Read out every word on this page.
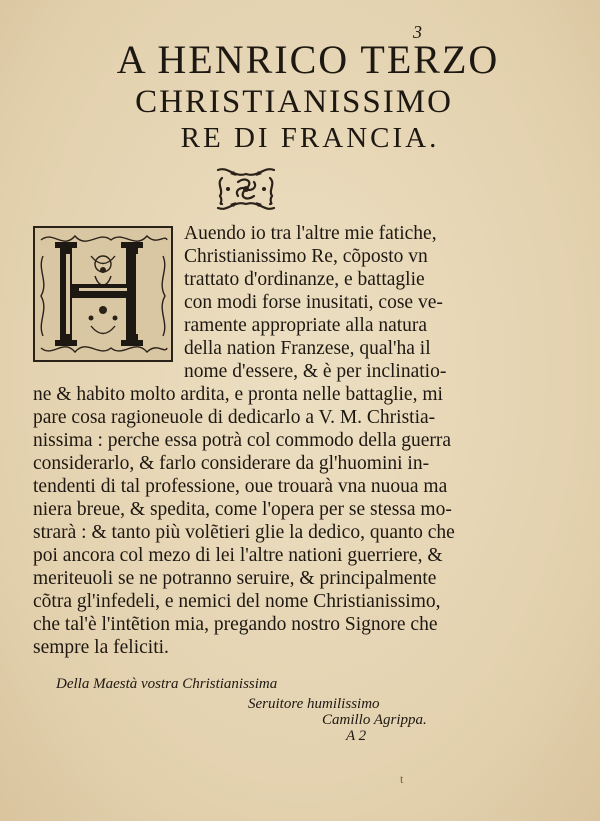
3
A HENRICO TERZO
CHRISTIANISSIMO
RE DI FRANCIA.
Auendo io tra l'altre mie fatiche,
Christianissimo Re, cõposto vn
trattato d'ordinanze, e battaglie
con modi forse inusitati, cose ve-
ramente appropriate alla natura
della nation Franzese, qual'ha il
nome d'essere, & è per inclinatio-
ne & habito molto ardita, e pronta nelle battaglie, mi
pare cosa ragioneuole di dedicarlo a V. M. Christia-
nissima : perche essa potrà col commodo della guerra
considerarlo, & farlo considerare da gl'huomini in-
tendenti di tal professione, oue trouarà vna nuoua ma
niera breue, & spedita, come l'opera per se stessa mo-
strarà : & tanto più volẽtieri glie la dedico, quanto che
poi ancora col mezo di lei l'altre nationi guerriere, &
meriteuoli se ne potranno seruire, & principalmente
cõtra gl'infedeli, e nemici del nome Christianissimo,
che tal'è l'intẽtion mia, pregando nostro Signore che
sempre la feliciti.
Della Maestà vostra Christianissima
Seruitore humilissimo
Camillo Agrippa.
A 2
t
